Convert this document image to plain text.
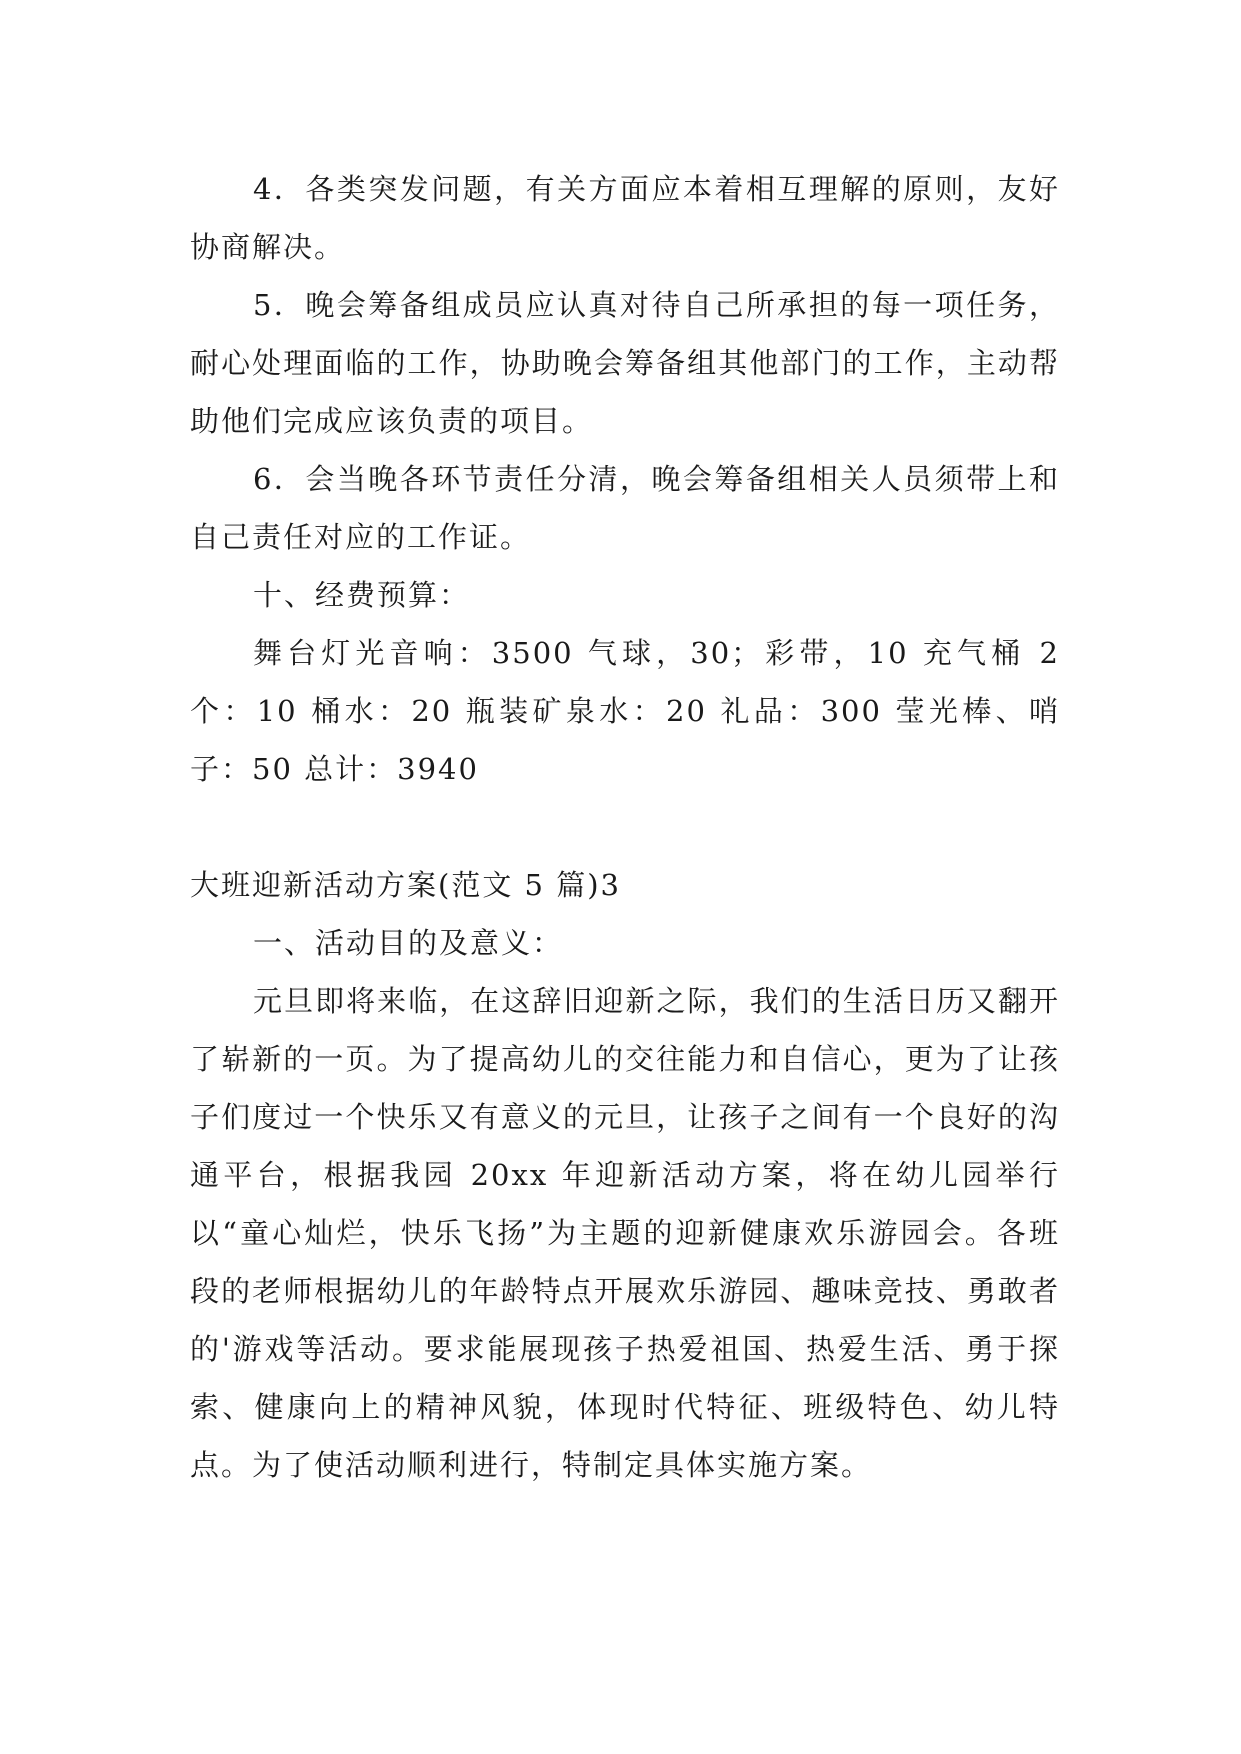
4．各类突发问题，有关方面应本着相互理解的原则，友好协商解决。

5．晚会筹备组成员应认真对待自己所承担的每一项任务，耐心处理面临的工作，协助晚会筹备组其他部门的工作，主动帮助他们完成应该负责的项目。

6．会当晚各环节责任分清，晚会筹备组相关人员须带上和自己责任对应的工作证。

十、经费预算：

舞台灯光音响：3500 气球，30；彩带，10 充气桶 2 个：10 桶水：20 瓶装矿泉水：20 礼品：300 莹光棒、哨子：50 总计：3940

大班迎新活动方案(范文 5 篇)3

一、活动目的及意义：

元旦即将来临，在这辞旧迎新之际，我们的生活日历又翻开了崭新的一页。为了提高幼儿的交往能力和自信心，更为了让孩子们度过一个快乐又有意义的元旦，让孩子之间有一个良好的沟通平台，根据我园 20xx 年迎新活动方案，将在幼儿园举行以“童心灿烂，快乐飞扬”为主题的迎新健康欢乐游园会。各班段的老师根据幼儿的年龄特点开展欢乐游园、趣味竞技、勇敢者的'游戏等活动。要求能展现孩子热爱祖国、热爱生活、勇于探索、健康向上的精神风貌，体现时代特征、班级特色、幼儿特点。为了使活动顺利进行，特制定具体实施方案。
